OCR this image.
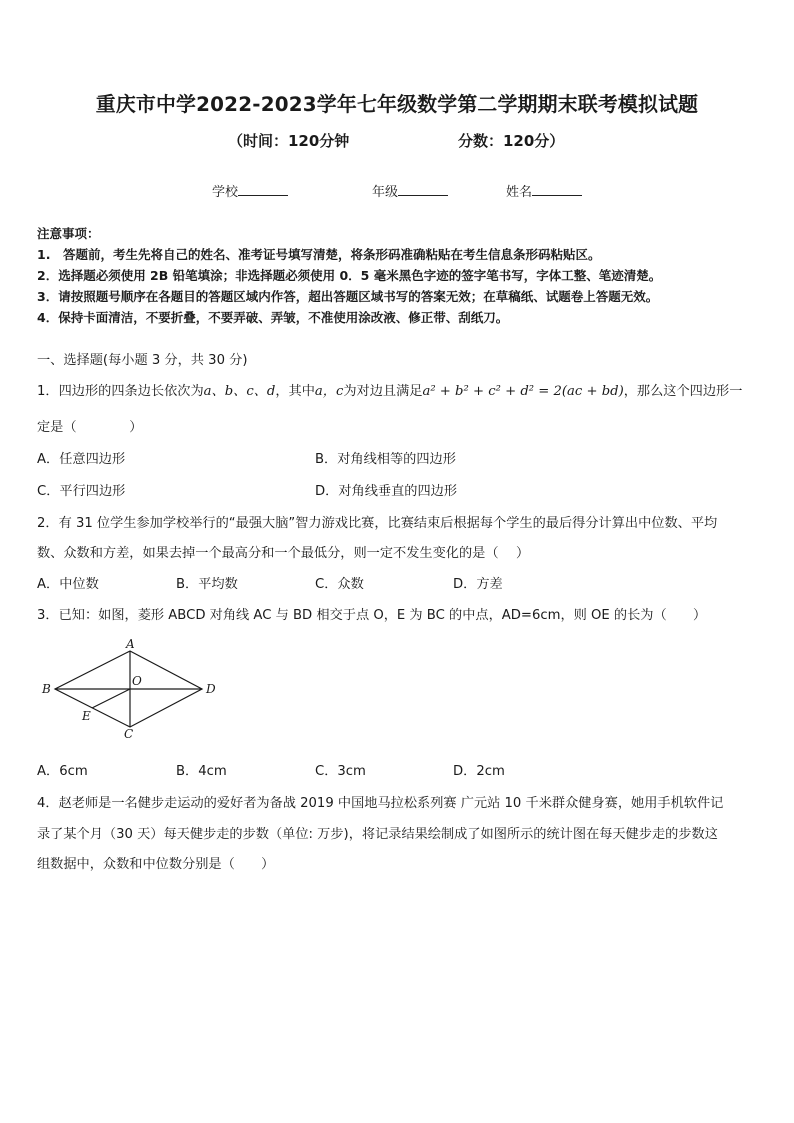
重庆市中学2022-2023学年七年级数学第二学期期末联考模拟试题
（时间：120分钟	分数：120分）
学校	年级	姓名
注意事项：
1.　答题前，考生先将自己的姓名、准考证号填写清楚，将条形码准确粘贴在考生信息条形码粘贴区。
2．选择题必须使用 2B 铅笔填涂；非选择题必须使用 0．5 毫米黑色字迹的签字笔书写，字体工整、笔迹清楚。
3．请按照题号顺序在各题目的答题区域内作答，超出答题区域书写的答案无效；在草稿纸、试题卷上答题无效。
4．保持卡面清洁，不要折叠，不要弄破、弄皱，不准使用涂改液、修正带、刮纸刀。
一、选择题(每小题 3 分，共 30 分)
1．四边形的四条边长依次为a、b、c、d，其中a，c为对边且满足a² + b² + c² + d² = 2(ac + bd)，那么这个四边形一
定是（　　　　）
A．任意四边形	B．对角线相等的四边形
C．平行四边形	D．对角线垂直的四边形
2．有 31 位学生参加学校举行的“最强大脑”智力游戏比赛，比赛结束后根据每个学生的最后得分计算出中位数、平均
数、众数和方差，如果去掉一个最高分和一个最低分，则一定不发生变化的是（　 ）
A．中位数	B．平均数	C．众数	D．方差
3．已知：如图，菱形 ABCD 对角线 AC 与 BD 相交于点 O，E 为 BC 的中点，AD=6cm，则 OE 的长为（　　）
A
B
C
D
O
E
A．6cm	B．4cm	C．3cm	D．2cm
4．赵老师是一名健步走运动的爱好者为备战 2019 中国地马拉松系列赛 广元站 10 千米群众健身赛，她用手机软件记
录了某个月（30 天）每天健步走的步数（单位: 万步)，将记录结果绘制成了如图所示的统计图在每天健步走的步数这
组数据中，众数和中位数分别是（　　）
